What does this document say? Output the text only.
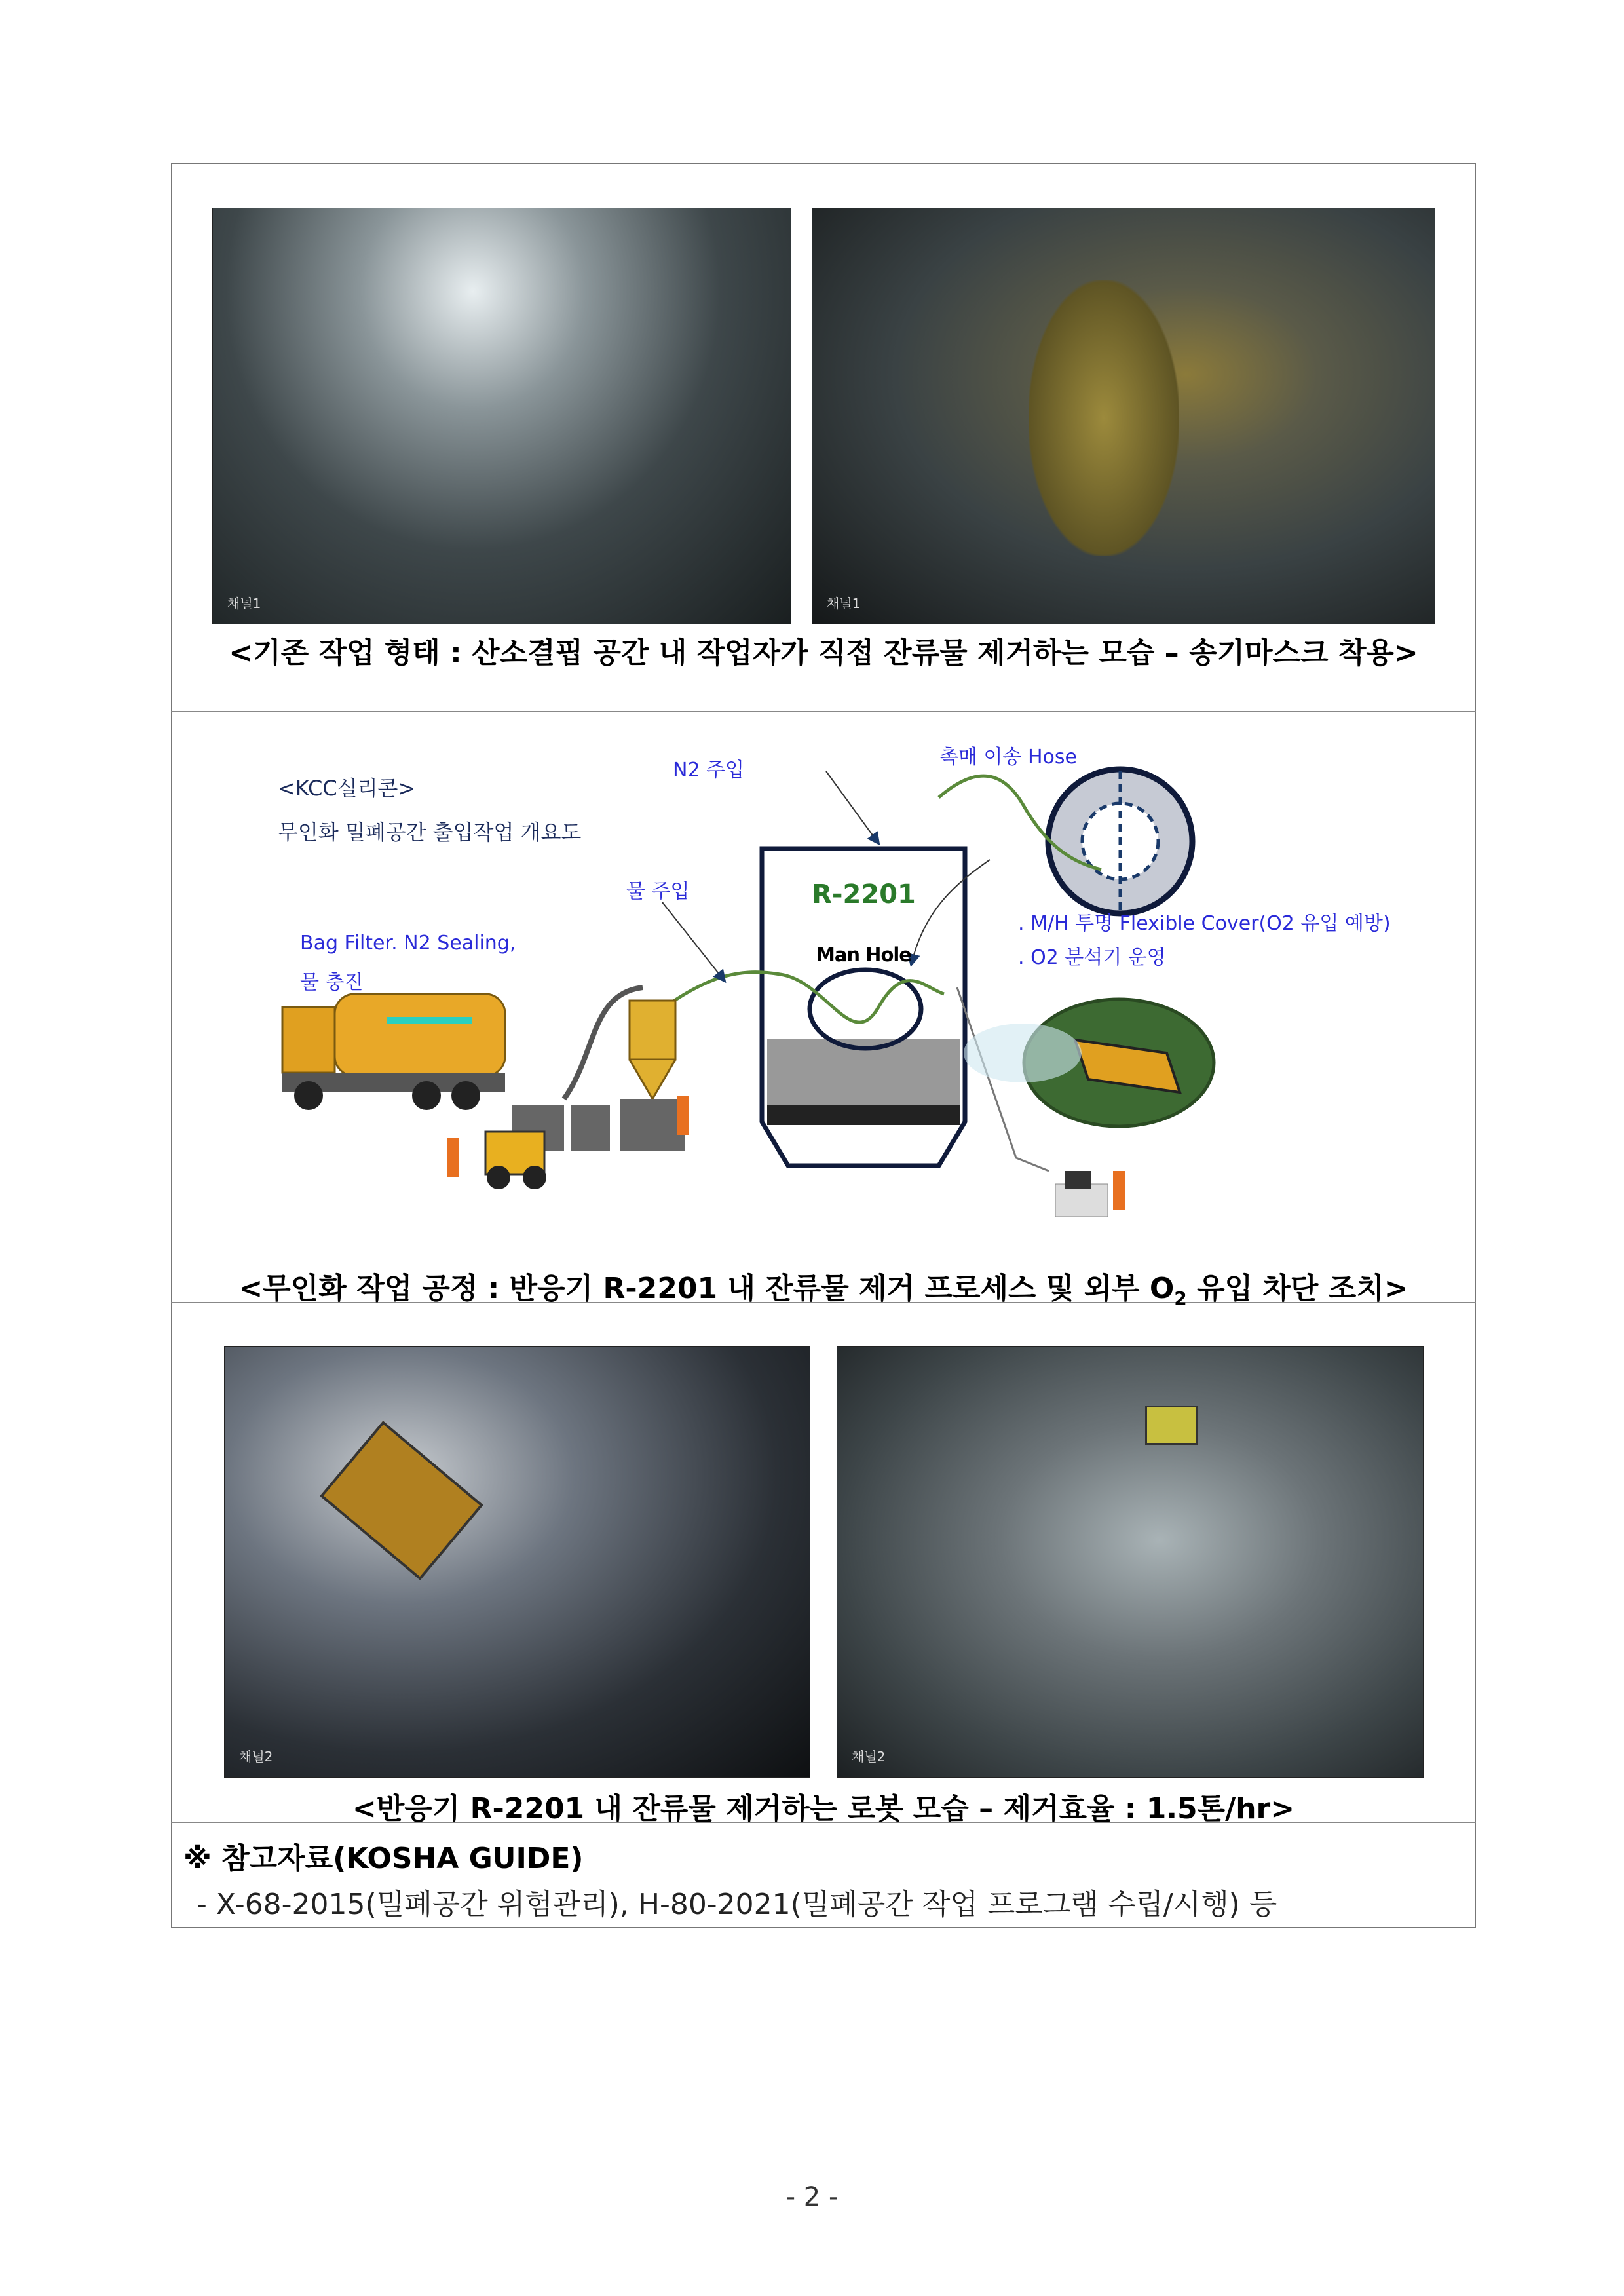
채널1	채널1
<기존 작업 형태 : 산소결핍 공간 내 작업자가 직접 잔류물 제거하는 모습 – 송기마스크 착용>
<KCC실리콘>
무인화 밀폐공간 출입작업 개요도
N2 주입
촉매 이송 Hose
물 주입
. M/H 투명 Flexible Cover(O2 유입 예방)
. O2 분석기 운영
Bag Filter. N2 Sealing,
물 충진
R-2201
Man Hole
<무인화 작업 공정 : 반응기 R-2201 내 잔류물 제거 프로세스 및 외부 $O_2$ 유입 차단 조치>
채널2	채널2
<반응기 R-2201 내 잔류물 제거하는 로봇 모습 – 제거효율 : 1.5톤/hr>
※ 참고자료(KOSHA GUIDE)
- X-68-2015(밀폐공간 위험관리), H-80-2021(밀폐공간 작업 프로그램 수립/시행) 등
- 2 -
